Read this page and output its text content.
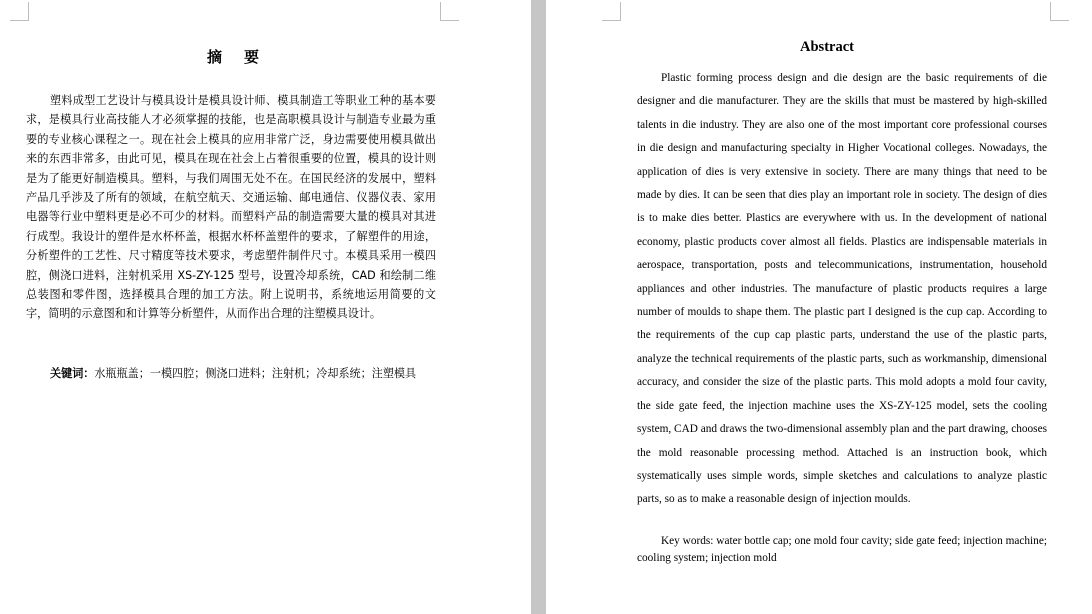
摘要

塑料成型工艺设计与模具设计是模具设计师、模具制造工等职业工种的基本要求，是模具行业高技能人才必须掌握的技能，也是高职模具设计与制造专业最为重要的专业核心课程之一。现在社会上模具的应用非常广泛，身边需要使用模具做出来的东西非常多，由此可见，模具在现在社会上占着很重要的位置，模具的设计则是为了能更好制造模具。塑料，与我们周围无处不在。在国民经济的发展中，塑料产品几乎涉及了所有的领域，在航空航天、交通运输、邮电通信、仪器仪表、家用电器等行业中塑料更是必不可少的材料。而塑料产品的制造需要大量的模具对其进行成型。我设计的塑件是水杯杯盖，根据水杯杯盖塑件的要求，了解塑件的用途，分析塑件的工艺性、尺寸精度等技术要求，考虑塑件制件尺寸。本模具采用一模四腔，侧浇口进料，注射机采用 XS-ZY-125 型号，设置冷却系统，CAD 和绘制二维总装图和零件图，选择模具合理的加工方法。附上说明书，系统地运用简要的文字，简明的示意图和和计算等分析塑件，从而作出合理的注塑模具设计。

关键词：水瓶瓶盖；一模四腔；侧浇口进料；注射机；冷却系统；注塑模具

Abstract

Plastic forming process design and die design are the basic requirements of die designer and die manufacturer. They are the skills that must be mastered by high-skilled talents in die industry. They are also one of the most important core professional courses in die design and manufacturing specialty in Higher Vocational colleges. Nowadays, the application of dies is very extensive in society. There are many things that need to be made by dies. It can be seen that dies play an important role in society. The design of dies is to make dies better. Plastics are everywhere with us. In the development of national economy, plastic products cover almost all fields. Plastics are indispensable materials in aerospace, transportation, posts and telecommunications, instrumentation, household appliances and other industries. The manufacture of plastic products requires a large number of moulds to shape them. The plastic part I designed is the cup cap. According to the requirements of the cup cap plastic parts, understand the use of the plastic parts, analyze the technical requirements of the plastic parts, such as workmanship, dimensional accuracy, and consider the size of the plastic parts. This mold adopts a mold four cavity, the side gate feed, the injection machine uses the XS-ZY-125 model, sets the cooling system, CAD and draws the two-dimensional assembly plan and the part drawing, chooses the mold reasonable processing method. Attached is an instruction book, which systematically uses simple words, simple sketches and calculations to analyze plastic parts, so as to make a reasonable design of injection moulds.

Key words: water bottle cap; one mold four cavity; side gate feed; injection machine; cooling system; injection mold
